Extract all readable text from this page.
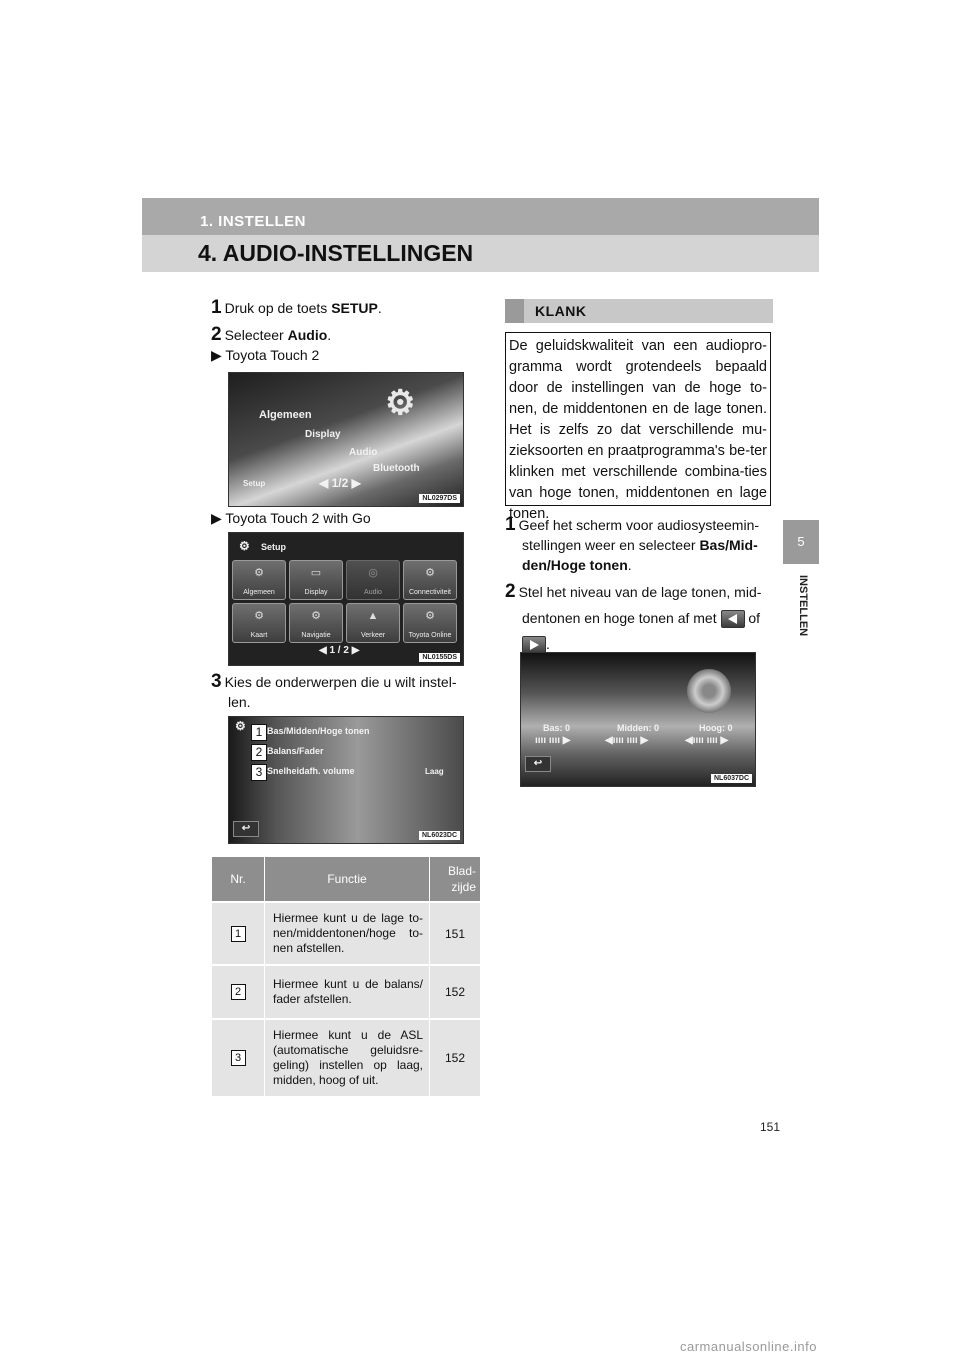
1. INSTELLEN
4. AUDIO-INSTELLINGEN
5
INSTELLEN
1 Druk op de toets SETUP.
2 Selecteer Audio.
▶ Toyota Touch 2
Algemeen
Display
Audio
Bluetooth
Setup	◀ 1/2 ▶
⚙
NL0297DS
▶ Toyota Touch 2 with Go
⚙ Setup
⚙
Algemeen
▭
Display
◎
Audio
⚙
Connectiviteit
⚙
Kaart
⚙
Navigatie
▲
Verkeer
⚙
Toyota Online
◀ 1 / 2 ▶
NL0155DS
3 Kies de onderwerpen die u wilt instel-
len.
⚙ 1 Bas/Midden/Hoge tonen
2 Balans/Fader
3 Snelheidafh. volume	Laag
↩
NL6023DC
Nr.	Functie	Blad-
zijde
1	Hiermee kunt u de lage to-nen/middentonen/hoge to-nen afstellen.	151
2	Hiermee kunt u de balans/ fader afstellen.	152
3	Hiermee kunt u de ASL (automatische geluidsre-geling) instellen op laag, midden, hoog of uit.	152
KLANK

De geluidskwaliteit van een audiopro-gramma wordt grotendeels bepaald door de instellingen van de hoge to-nen, de middentonen en de lage tonen. Het is zelfs zo dat verschillende mu-zieksoorten en praatprogramma's be-ter klinken met verschillende combina-ties van hoge tonen, middentonen en lage tonen.

1 Geef het scherm voor audiosysteemin-
stellingen weer en selecteer Bas/Mid-
den/Hoge tonen.
2 Stel het niveau van de lage tonen, mid-
dentonen en hoge tonen af met of

.
Bas: 0	Midden: 0	Hoog: 0
ıııı ıııı ▶	◀ıııı ıııı ▶	◀ıııı ıııı ▶
↩
NL6037DC
151
carmanualsonline.info
